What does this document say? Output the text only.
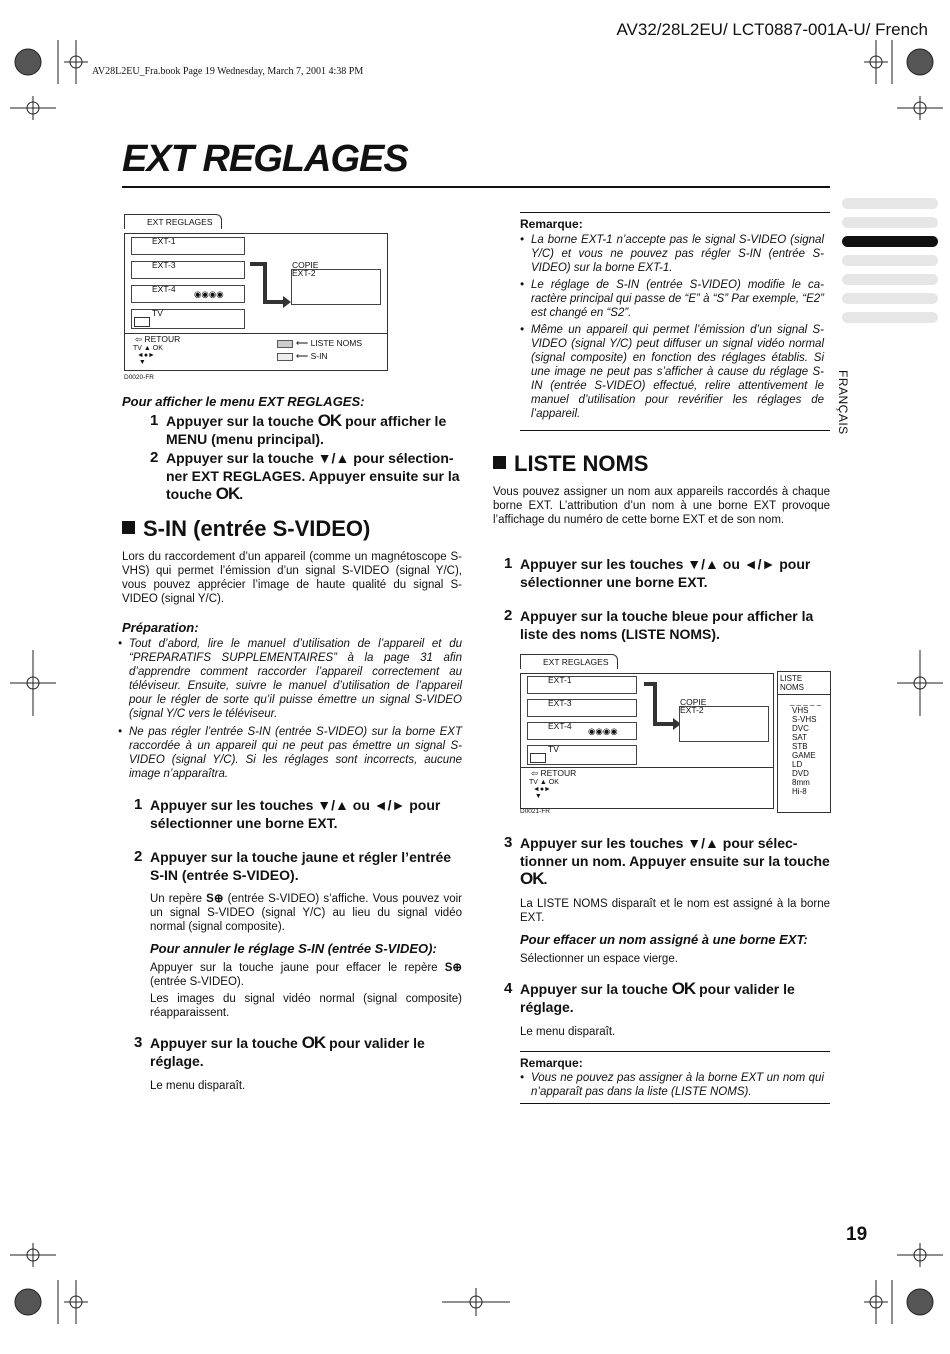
AV32/28L2EU/ LCT0887-001A-U/ French
AV28L2EU_Fra.book Page 19 Wednesday, March 7, 2001 4:38 PM
EXT REGLAGES
FRANÇAIS
EXT REGLAGES
EXT-1
EXT-3
EXT-4 ◉◉◉◉
TV
COPIE
EXT-2
⇦ RETOUR
TV ▲ OK
◄●►
▼
⟵ LISTE NOMS
⟵ S-IN
D0020-FR
Pour afficher le menu EXT REGLAGES:
1 Appuyer sur la touche OK pour afficher le MENU (menu principal).
2 Appuyer sur la touche ▼/▲ pour sélectionner EXT REGLAGES. Appuyer ensuite sur la touche OK.
S-IN (entrée S-VIDEO)
Lors du raccordement d’un appareil (comme un magnétoscope S-VHS) qui permet l’émission d’un signal S-VIDEO (signal Y/C), vous pouvez apprécier l’image de haute qualité du signal S-VIDEO (signal Y/C).
Préparation:
• Tout d’abord, lire le manuel d’utilisation de l’appareil et du “PREPARATIFS SUPPLEMENTAIRES” à la page 31 afin d’apprendre comment raccorder l’appareil correctement au téléviseur. Ensuite, suivre le manuel d’utilisation de l’appareil pour le régler de sorte qu’il puisse émettre un signal S-VIDEO (signal Y/C vers le téléviseur.
• Ne pas régler l’entrée S-IN (entrée S-VIDEO) sur la borne EXT raccordée à un appareil qui ne peut pas émettre un signal S-VIDEO (signal Y/C). Si les réglages sont incorrects, aucune image n’apparaîtra.
1 Appuyer sur les touches ▼/▲ ou ◄/► pour sélectionner une borne EXT.
2 Appuyer sur la touche jaune et régler l’entrée S-IN (entrée S-VIDEO).
Un repère S⊕ (entrée S-VIDEO) s’affiche. Vous pouvez voir un signal S-VIDEO (signal Y/C) au lieu du signal vidéo normal (signal composite).
Pour annuler le réglage S-IN (entrée S-VIDEO):
Appuyer sur la touche jaune pour effacer le repère S⊕ (entrée S-VIDEO).
Les images du signal vidéo normal (signal composite) réapparaissent.
3 Appuyer sur la touche OK pour valider le réglage.
Le menu disparaît.
Remarque:
• La borne EXT-1 n’accepte pas le signal S-VIDEO (signal Y/C) et vous ne pouvez pas régler S-IN (entrée S-VIDEO) sur la borne EXT-1.
• Le réglage de S-IN (entrée S-VIDEO) modifie le caractère principal qui passe de “E” à “S” Par exemple, “E2” est changé en “S2”.
• Même un appareil qui permet l’émission d’un signal S-VIDEO (signal Y/C) peut diffuser un signal vidéo normal (signal composite) en fonction des réglages établis. Si une image ne peut pas s’afficher à cause du réglage S-IN (entrée S-VIDEO) effectué, relire attentivement le manuel d’utilisation pour revérifier les réglages de l’appareil.
LISTE NOMS
Vous pouvez assigner un nom aux appareils raccordés à chaque borne EXT. L’attribution d’un nom à une borne EXT provoque l’affichage du numéro de cette borne EXT et de son nom.
1 Appuyer sur les touches ▼/▲ ou ◄/► pour sélectionner une borne EXT.
2 Appuyer sur la touche bleue pour afficher la liste des noms (LISTE NOMS).
EXT REGLAGES
EXT-1
EXT-3
EXT-4 ◉◉◉◉
TV
COPIE
EXT-2
⇦ RETOUR
TV ▲ OK
◄●►
▼
LISTE NOMS
_ _ _ _ _
VHS
S-VHS
DVC
SAT
STB
GAME
LD
DVD
8mm
Hi-8
D0021-FR
3 Appuyer sur les touches ▼/▲ pour sélectionner un nom. Appuyer ensuite sur la touche OK.
La LISTE NOMS disparaît et le nom est assigné à la borne EXT.
Pour effacer un nom assigné à une borne EXT:
Sélectionner un espace vierge.
4 Appuyer sur la touche OK pour valider le réglage.
Le menu disparaît.
Remarque:
• Vous ne pouvez pas assigner à la borne EXT un nom qui n’apparaît pas dans la liste (LISTE NOMS).
19
